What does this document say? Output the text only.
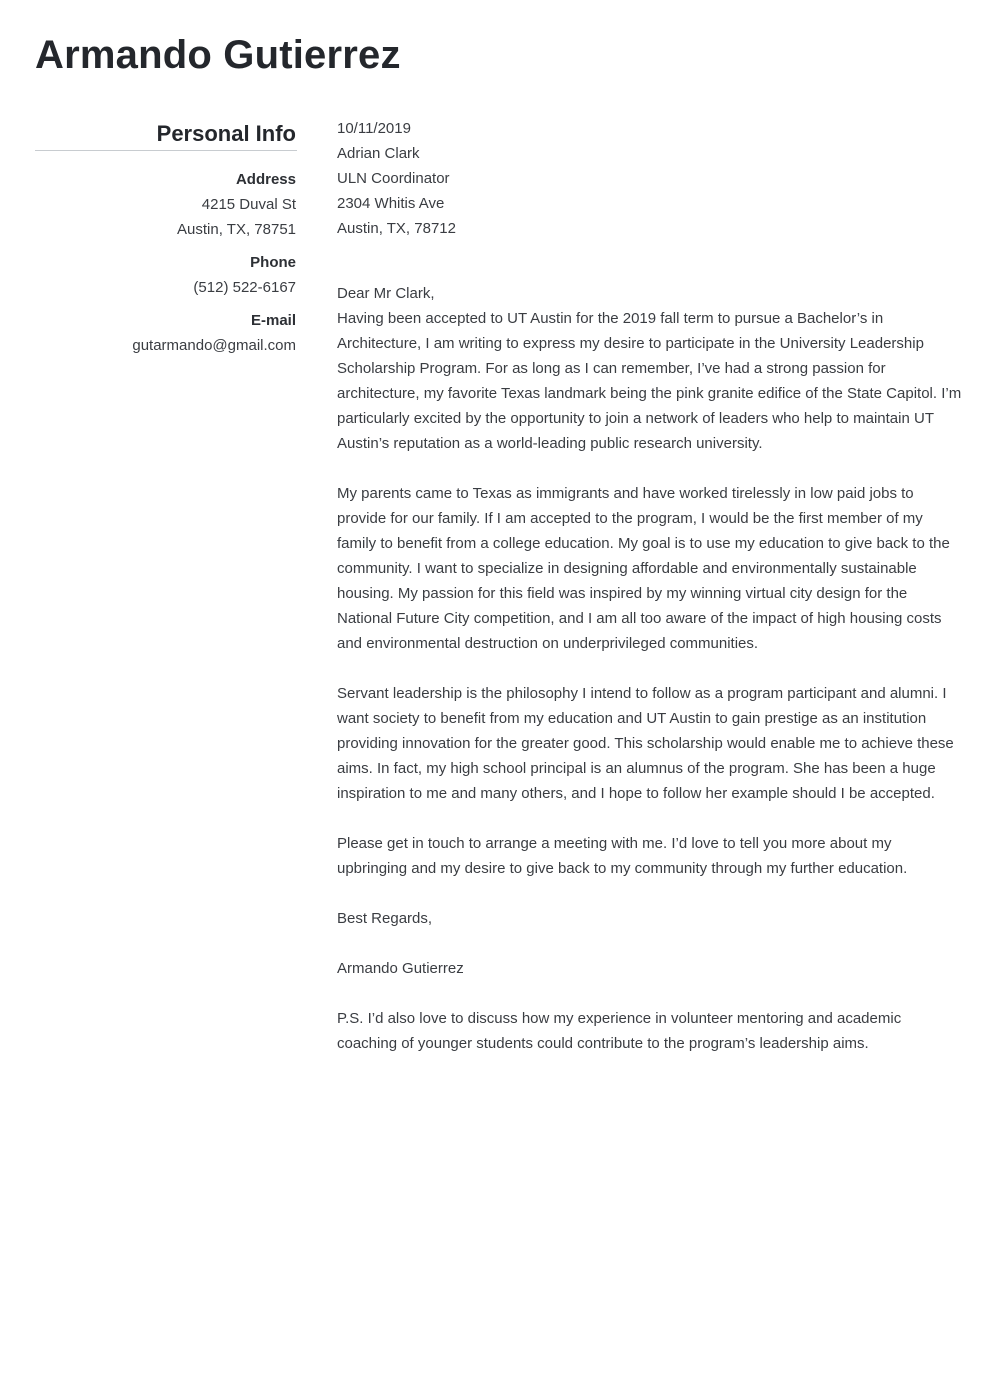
Armando Gutierrez
Personal Info
Address
4215 Duval St
Austin, TX, 78751
Phone
(512) 522-6167
E-mail
gutarmando@gmail.com

10/11/2019

Adrian Clark

ULN Coordinator

2304 Whitis Ave

Austin, TX, 78712

Dear Mr Clark,

Having been accepted to UT Austin for the 2019 fall term to pursue a Bachelor’s in Architecture, I am writing to express my desire to participate in the University Leadership Scholarship Program. For as long as I can remember, I’ve had a strong passion for architecture, my favorite Texas landmark being the pink granite edifice of the State Capitol. I’m particularly excited by the opportunity to join a network of leaders who help to maintain UT Austin’s reputation as a world-leading public research university.

My parents came to Texas as immigrants and have worked tirelessly in low paid jobs to provide for our family. If I am accepted to the program, I would be the first member of my family to benefit from a college education. My goal is to use my education to give back to the community. I want to specialize in designing affordable and environmentally sustainable housing. My passion for this field was inspired by my winning virtual city design for the National Future City competition, and I am all too aware of the impact of high housing costs and environmental destruction on underprivileged communities.

Servant leadership is the philosophy I intend to follow as a program participant and alumni. I want society to benefit from my education and UT Austin to gain prestige as an institution providing innovation for the greater good. This scholarship would enable me to achieve these aims. In fact, my high school principal is an alumnus of the program. She has been a huge inspiration to me and many others, and I hope to follow her example should I be accepted.

Please get in touch to arrange a meeting with me. I’d love to tell you more about my upbringing and my desire to give back to my community through my further education.

Best Regards,

Armando Gutierrez

P.S. I’d also love to discuss how my experience in volunteer mentoring and academic coaching of younger students could contribute to the program’s leadership aims.
